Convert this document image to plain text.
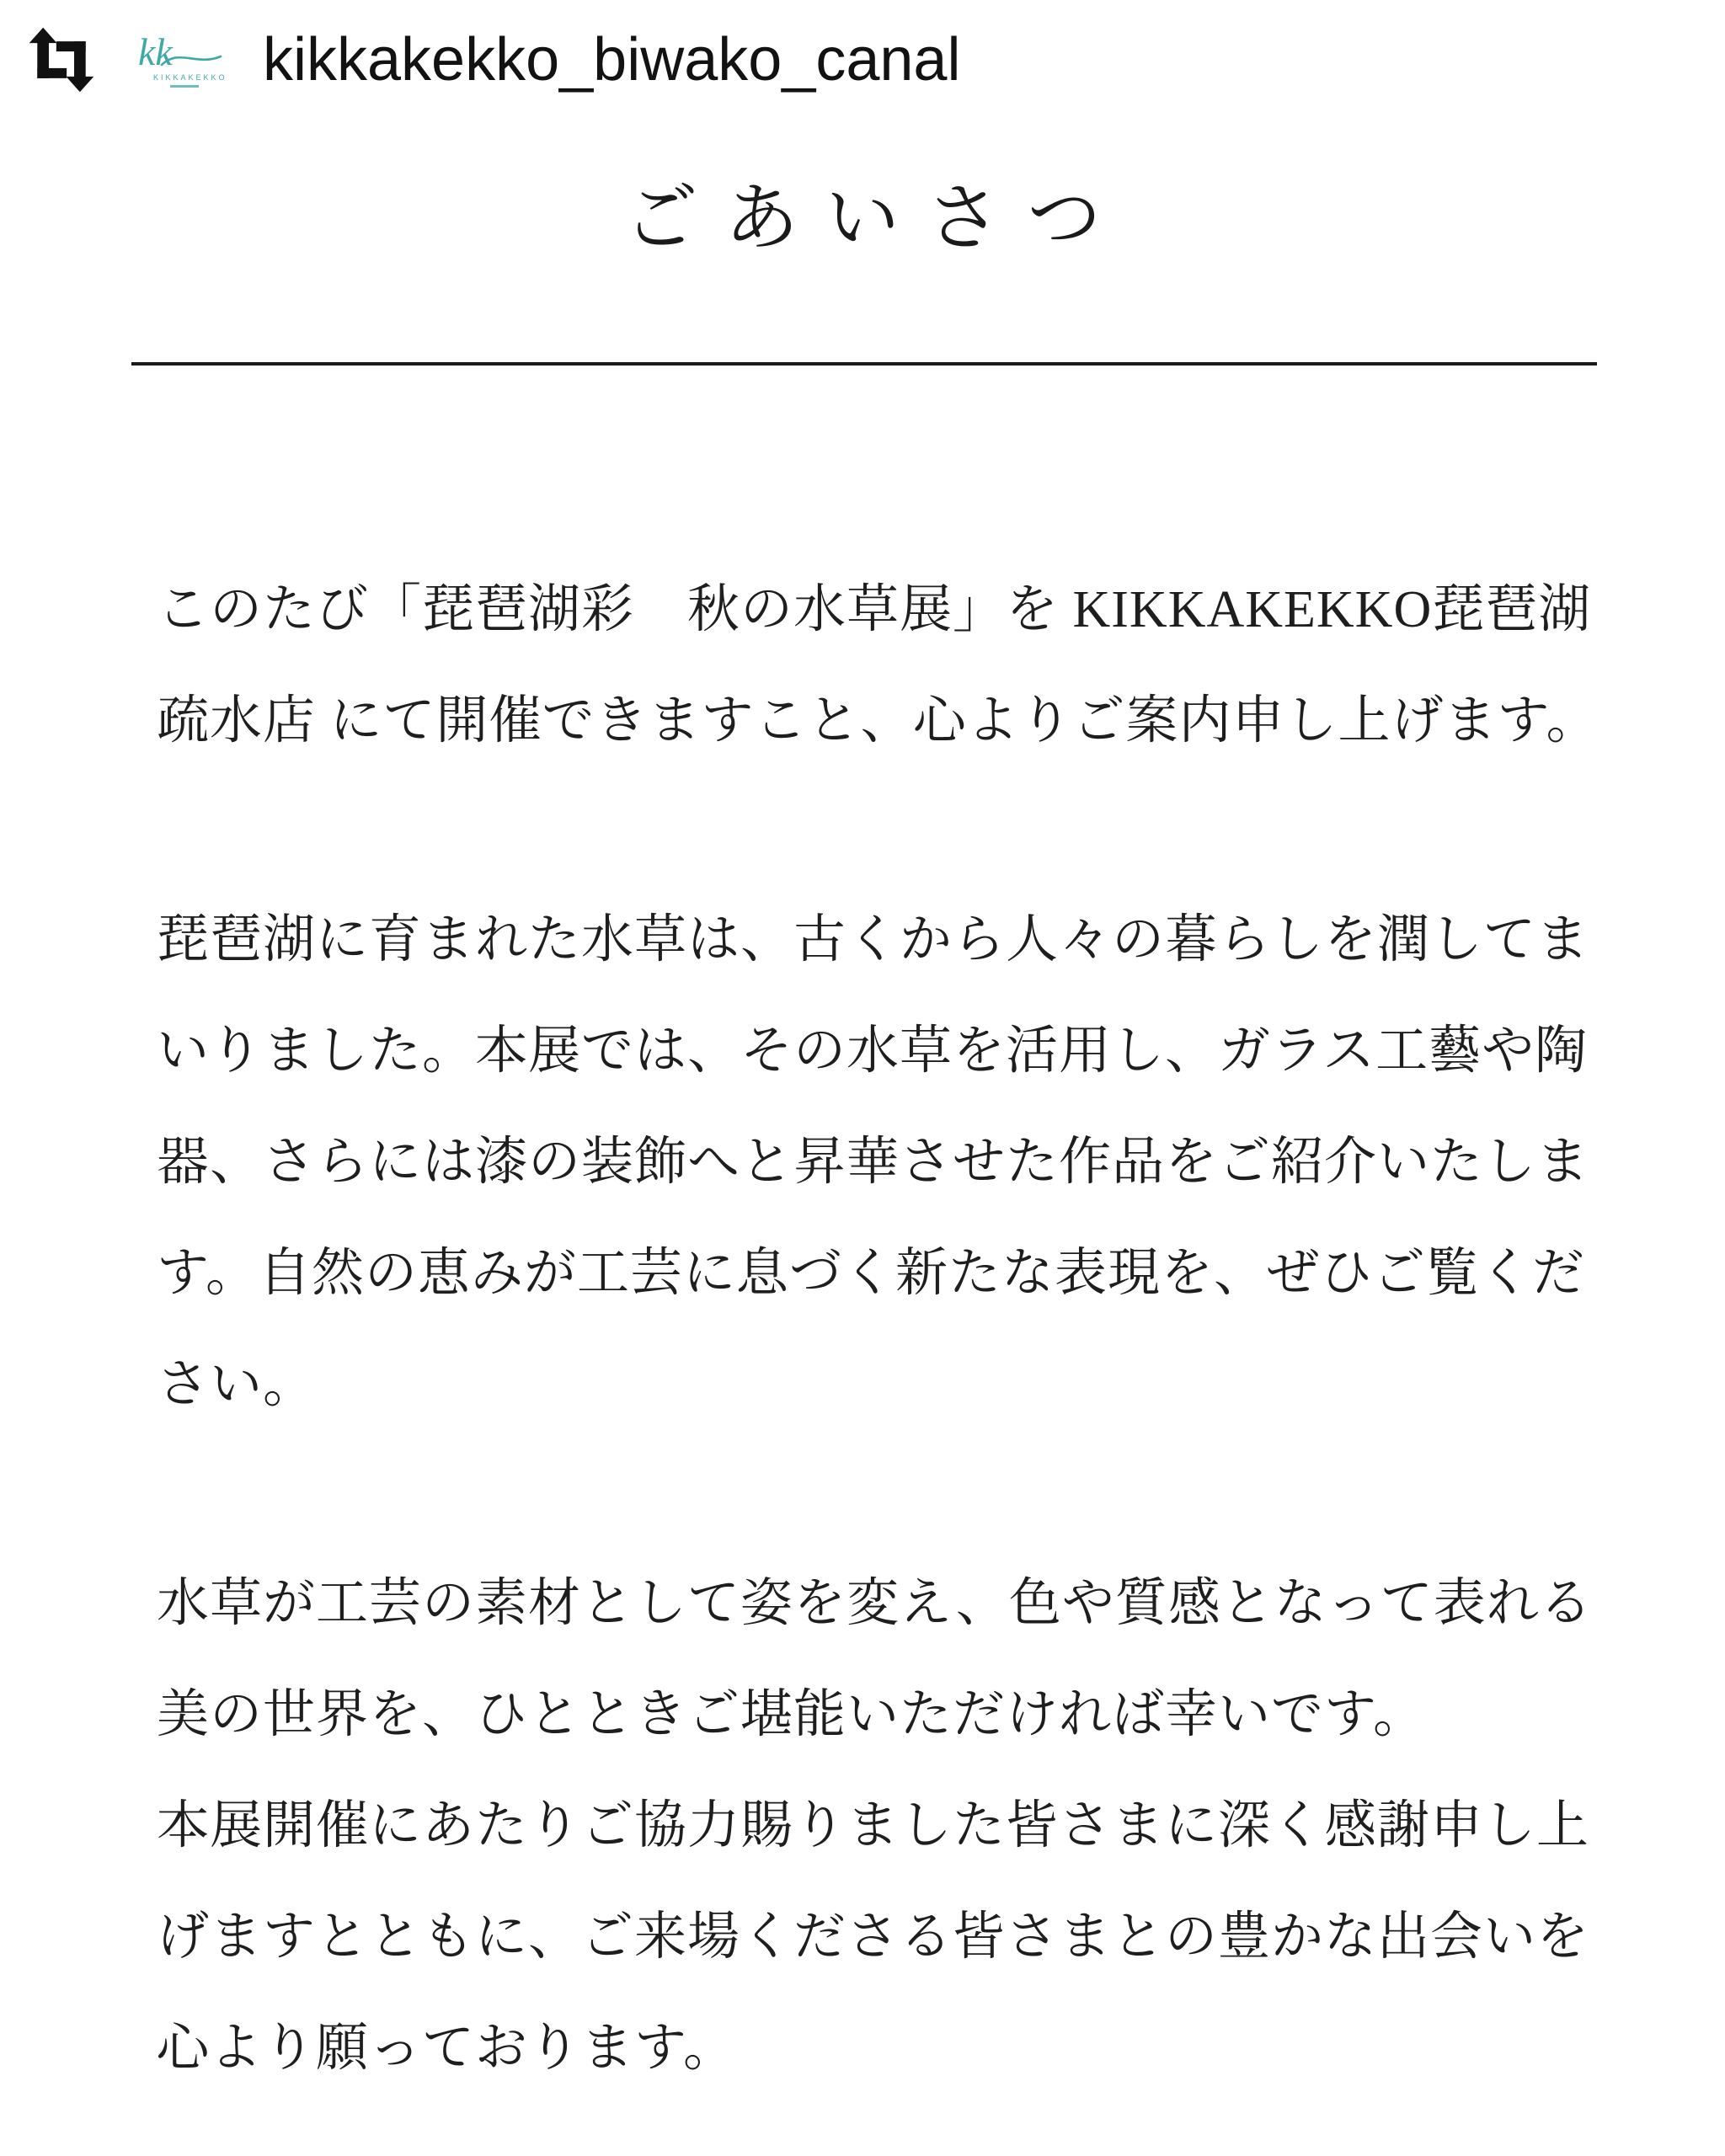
kk
KIKKAKEKKO kikkakekko_biwako_canal
ごあいさつ
このたび「琵琶湖彩　秋の水草展」を KIKKAKEKKO琵琶湖
疏水店 にて開催できますこと、心よりご案内申し上げます。
琵琶湖に育まれた水草は、古くから人々の暮らしを潤してま
いりました。本展では、その水草を活用し、ガラス工藝や陶
器、さらには漆の装飾へと昇華させた作品をご紹介いたしま
す。自然の恵みが工芸に息づく新たな表現を、ぜひご覧くだ
さい。
水草が工芸の素材として姿を変え、色や質感となって表れる
美の世界を、ひとときご堪能いただければ幸いです。
本展開催にあたりご協力賜りました皆さまに深く感謝申し上
げますとともに、ご来場くださる皆さまとの豊かな出会いを
心より願っております。
